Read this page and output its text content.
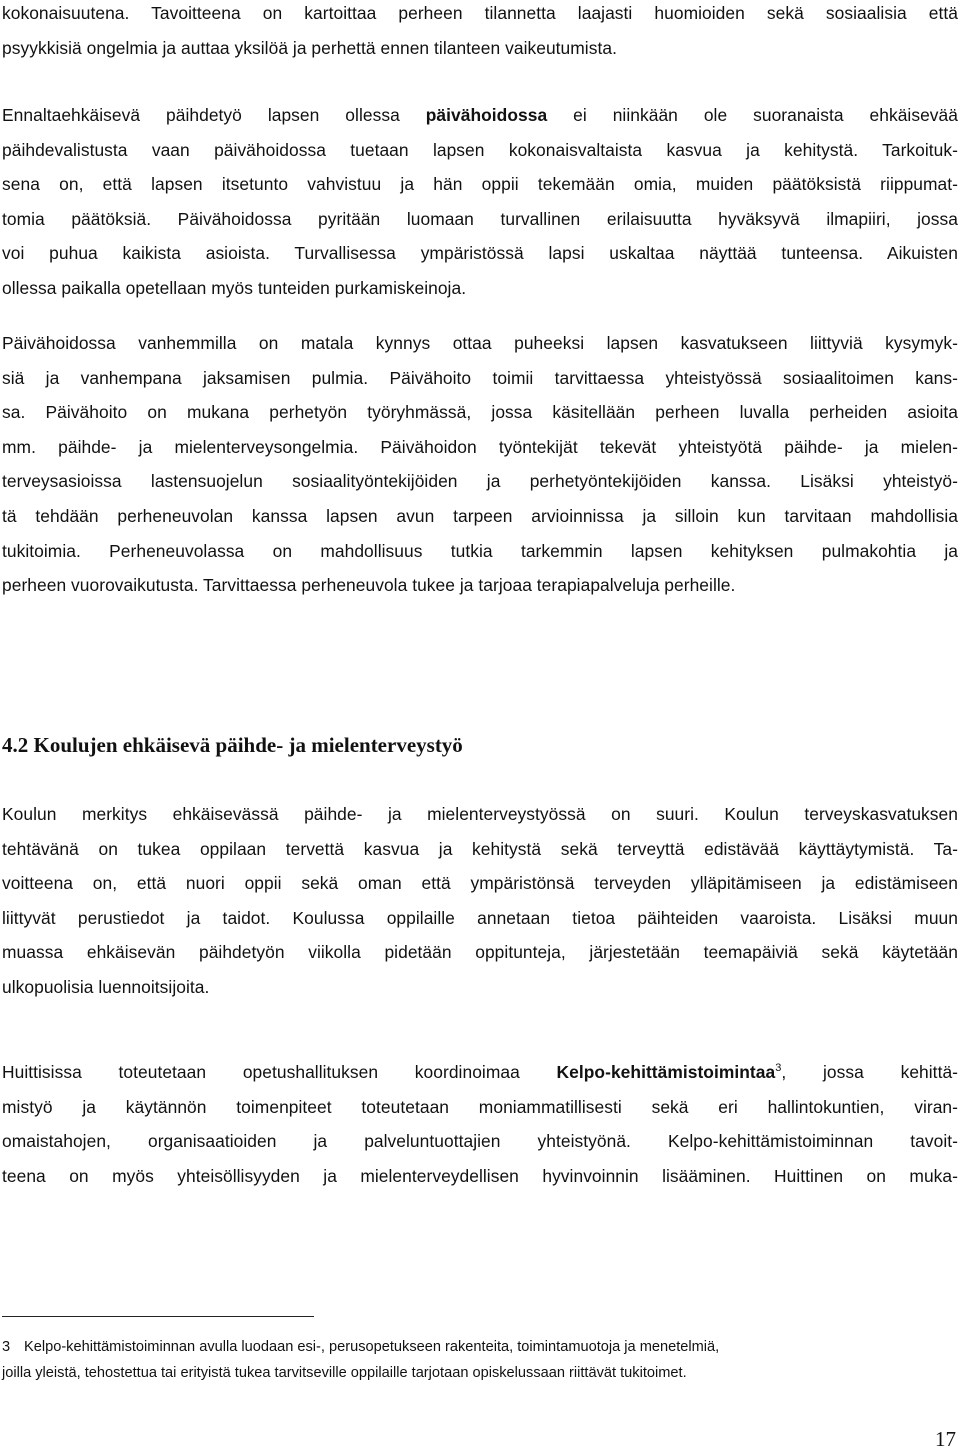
kokonaisuutena. Tavoitteena on kartoittaa perheen tilannetta laajasti huomioiden sekä sosiaalisia että
psyykkisiä ongelmia ja auttaa yksilöä ja perhettä ennen tilanteen vaikeutumista.
Ennaltaehkäisevä päihdetyö lapsen ollessa päivähoidossa ei niinkään ole suoranaista ehkäisevää
päihdevalistusta vaan päivähoidossa tuetaan lapsen kokonaisvaltaista kasvua ja kehitystä. Tarkoituk-
sena on, että lapsen itsetunto vahvistuu ja hän oppii tekemään omia, muiden päätöksistä riippumat-
tomia päätöksiä. Päivähoidossa pyritään luomaan turvallinen erilaisuutta hyväksyvä ilmapiiri, jossa
voi puhua kaikista asioista. Turvallisessa ympäristössä lapsi uskaltaa näyttää tunteensa. Aikuisten
ollessa paikalla opetellaan myös tunteiden purkamiskeinoja.
Päivähoidossa vanhemmilla on matala kynnys ottaa puheeksi lapsen kasvatukseen liittyviä kysymyk-
siä ja vanhempana jaksamisen pulmia. Päivähoito toimii tarvittaessa yhteistyössä sosiaalitoimen kans-
sa. Päivähoito on mukana perhetyön työryhmässä, jossa käsitellään perheen luvalla perheiden asioita
mm. päihde- ja mielenterveysongelmia. Päivähoidon työntekijät tekevät yhteistyötä päihde- ja mielen-
terveysasioissa lastensuojelun sosiaalityöntekijöiden ja perhetyöntekijöiden kanssa. Lisäksi yhteistyö-
tä tehdään perheneuvolan kanssa lapsen avun tarpeen arvioinnissa ja silloin kun tarvitaan mahdollisia
tukitoimia. Perheneuvolassa on mahdollisuus tutkia tarkemmin lapsen kehityksen pulmakohtia ja
perheen vuorovaikutusta. Tarvittaessa perheneuvola tukee ja tarjoaa terapiapalveluja perheille.
4.2 Koulujen ehkäisevä päihde- ja mielenterveystyö
Koulun merkitys ehkäisevässä päihde- ja mielenterveystyössä on suuri. Koulun terveyskasvatuksen
tehtävänä on tukea oppilaan tervettä kasvua ja kehitystä sekä terveyttä edistävää käyttäytymistä. Ta-
voitteena on, että nuori oppii sekä oman että ympäristönsä terveyden ylläpitämiseen ja edistämiseen
liittyvät perustiedot ja taidot. Koulussa oppilaille annetaan tietoa päihteiden vaaroista. Lisäksi muun
muassa ehkäisevän päihdetyön viikolla pidetään oppitunteja, järjestetään teemapäiviä sekä käytetään
ulkopuolisia luennoitsijoita.
Huittisissa toteutetaan opetushallituksen koordinoimaa Kelpo-kehittämistoimintaa$^3$, jossa kehittä-
mistyö ja käytännön toimenpiteet toteutetaan moniammatillisesti sekä eri hallintokuntien, viran-
omaistahojen, organisaatioiden ja palveluntuottajien yhteistyönä. Kelpo-kehittämistoiminnan tavoit-
teena on myös yhteisöllisyyden ja mielenterveydellisen hyvinvoinnin lisääminen. Huittinen on muka-
3 Kelpo-kehittämistoiminnan avulla luodaan esi-, perusopetukseen rakenteita, toimintamuotoja ja menetelmiä,
joilla yleistä, tehostettua tai erityistä tukea tarvitseville oppilaille tarjotaan opiskelussaan riittävät tukitoimet.
17
